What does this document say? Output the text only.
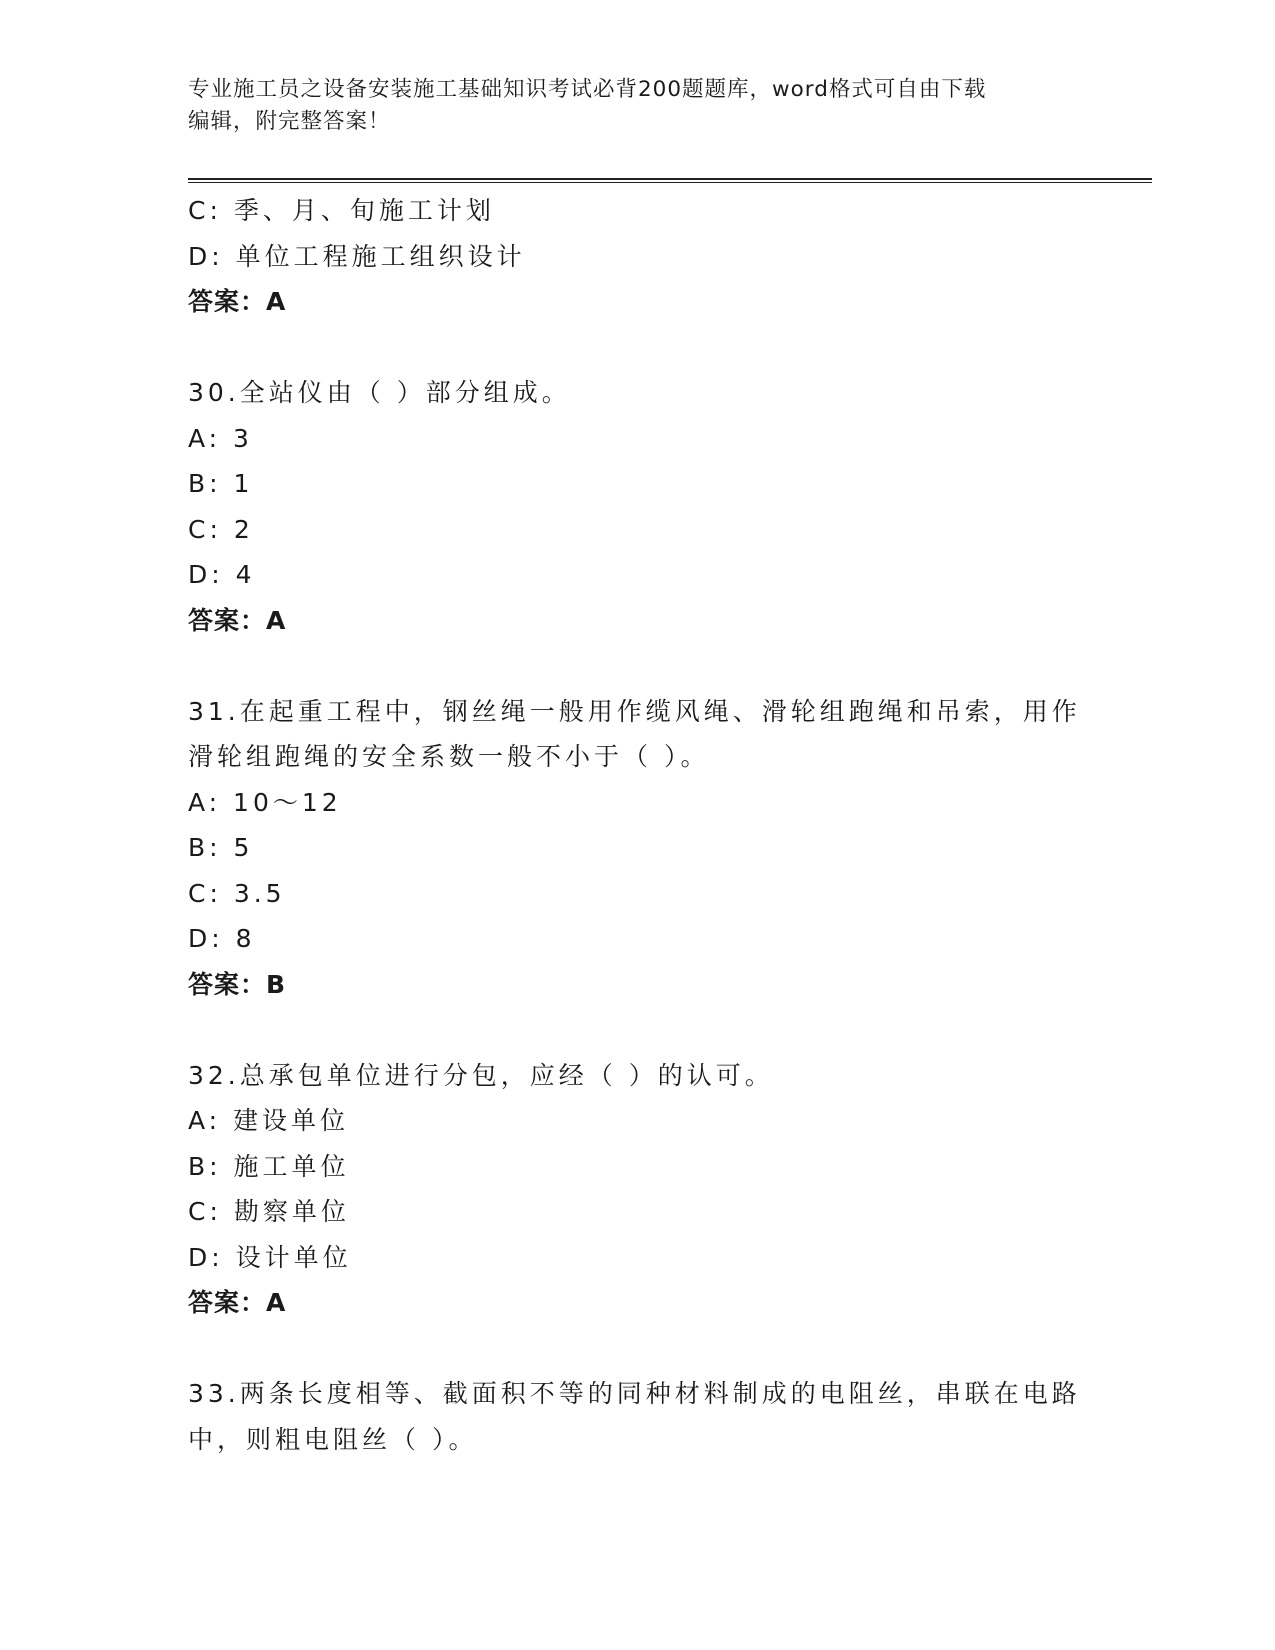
专业施工员之设备安装施工基础知识考试必背200题题库，word格式可自由下载
编辑，附完整答案！
C: 季、月、旬施工计划
D: 单位工程施工组织设计
答案：A
30.全站仪由（ ）部分组成。
A: 3
B: 1
C: 2
D: 4
答案：A
31.在起重工程中，钢丝绳一般用作缆风绳、滑轮组跑绳和吊索，用作
滑轮组跑绳的安全系数一般不小于（ ）。
A: 10～12
B: 5
C: 3.5
D: 8
答案：B
32.总承包单位进行分包，应经（ ）的认可。
A: 建设单位
B: 施工单位
C: 勘察单位
D: 设计单位
答案：A
33.两条长度相等、截面积不等的同种材料制成的电阻丝，串联在电路
中，则粗电阻丝（ ）。
